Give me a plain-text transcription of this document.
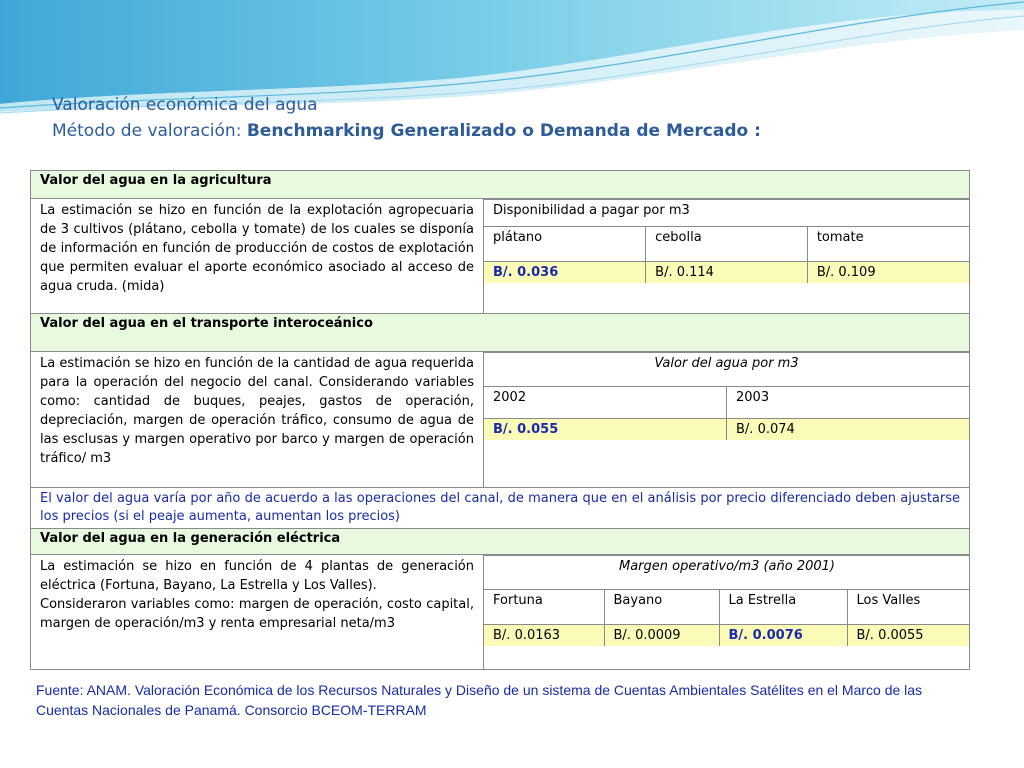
Valoración económica del agua
Método de valoración: Benchmarking Generalizado o Demanda de Mercado :
Valor del agua en la agricultura
La estimación se hizo en función de la explotación agropecuaria de 3 cultivos (plátano, cebolla y tomate) de los cuales se disponía de información en función de producción de costos de explotación que permiten evaluar el aporte económico asociado al acceso de agua cruda. (mida)	
Disponibilidad a pagar por m3
plátano	cebolla	tomate
B/. 0.036	B/. 0.114	B/. 0.109

Valor del agua en el transporte interoceánico
La estimación se hizo en función de la cantidad de agua requerida para la operación del negocio del canal. Considerando variables como: cantidad de buques, peajes, gastos de operación, depreciación, margen de operación tráfico, consumo de agua de las esclusas y margen operativo por barco y margen de operación tráfico/ m3	
Valor del agua por m3
2002	2003
B/. 0.055	B/. 0.074

El valor del agua varía por año de acuerdo a las operaciones del canal, de manera que en el análisis por precio diferenciado deben ajustarse los precios (si el peaje aumenta, aumentan los precios)
Valor del agua en la generación eléctrica

La estimación se hizo en función de 4 plantas de generación eléctrica (Fortuna, Bayano, La Estrella y Los Valles).
Consideraron variables como: margen de operación, costo capital, margen de operación/m3 y renta empresarial neta/m3

Margen operativo/m3 (año 2001)
Fortuna	Bayano	La Estrella	Los Valles
B/. 0.0163	B/. 0.0009	B/. 0.0076	B/. 0.0055
Fuente: ANAM. Valoración Económica de los Recursos Naturales y Diseño de un sistema de Cuentas Ambientales Satélites en el Marco de las Cuentas Nacionales de Panamá. Consorcio BCEOM-TERRAM
